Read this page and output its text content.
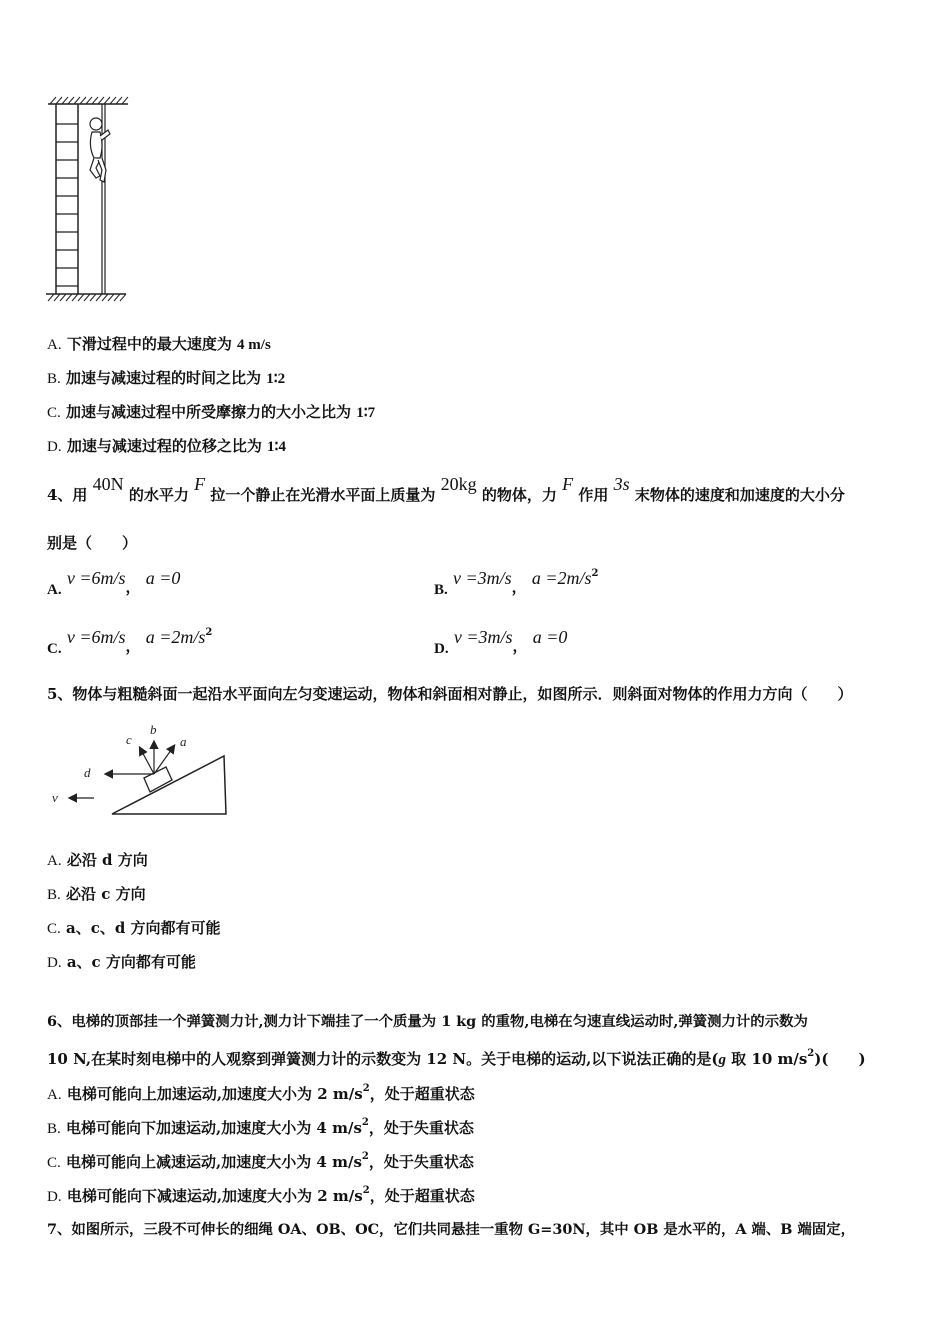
A. 下滑过程中的最大速度为 4 m/s
B. 加速与减速过程的时间之比为 1∶2
C. 加速与减速过程中所受摩擦力的大小之比为 1∶7
D. 加速与减速过程的位移之比为 1∶4
4、用 40N 的水平力 F 拉一个静止在光滑水平面上质量为 20kg 的物体，力 F 作用 3s 末物体的速度和加速度的大小分
别是（　　）
A. v =6m/s， a =0
B. v =3m/s， $a =2m/s^2$
C. v =6m/s， $a =2m/s^2$
D. v =3m/s， a =0
5、物体与粗糙斜面一起沿水平面向左匀变速运动，物体和斜面相对静止，如图所示．则斜面对物体的作用力方向（　　）
c
b
a
d
v
A. 必沿 d 方向
B. 必沿 c 方向
C. a、c、d 方向都有可能
D. a、c 方向都有可能
6、电梯的顶部挂一个弹簧测力计,测力计下端挂了一个质量为 1 kg 的重物,电梯在匀速直线运动时,弹簧测力计的示数为
10 N,在某时刻电梯中的人观察到弹簧测力计的示数变为 12 N。关于电梯的运动,以下说法正确的是(g 取 10 $m/s^2$)(　　)
A. 电梯可能向上加速运动,加速度大小为 2 $m/s^2$，处于超重状态
B. 电梯可能向下加速运动,加速度大小为 4 $m/s^2$，处于失重状态
C. 电梯可能向上减速运动,加速度大小为 4 $m/s^2$，处于失重状态
D. 电梯可能向下减速运动,加速度大小为 2 $m/s^2$，处于超重状态
7、如图所示，三段不可伸长的细绳 OA、OB、OC，它们共同悬挂一重物 G=30N，其中 OB 是水平的，A 端、B 端固定，
